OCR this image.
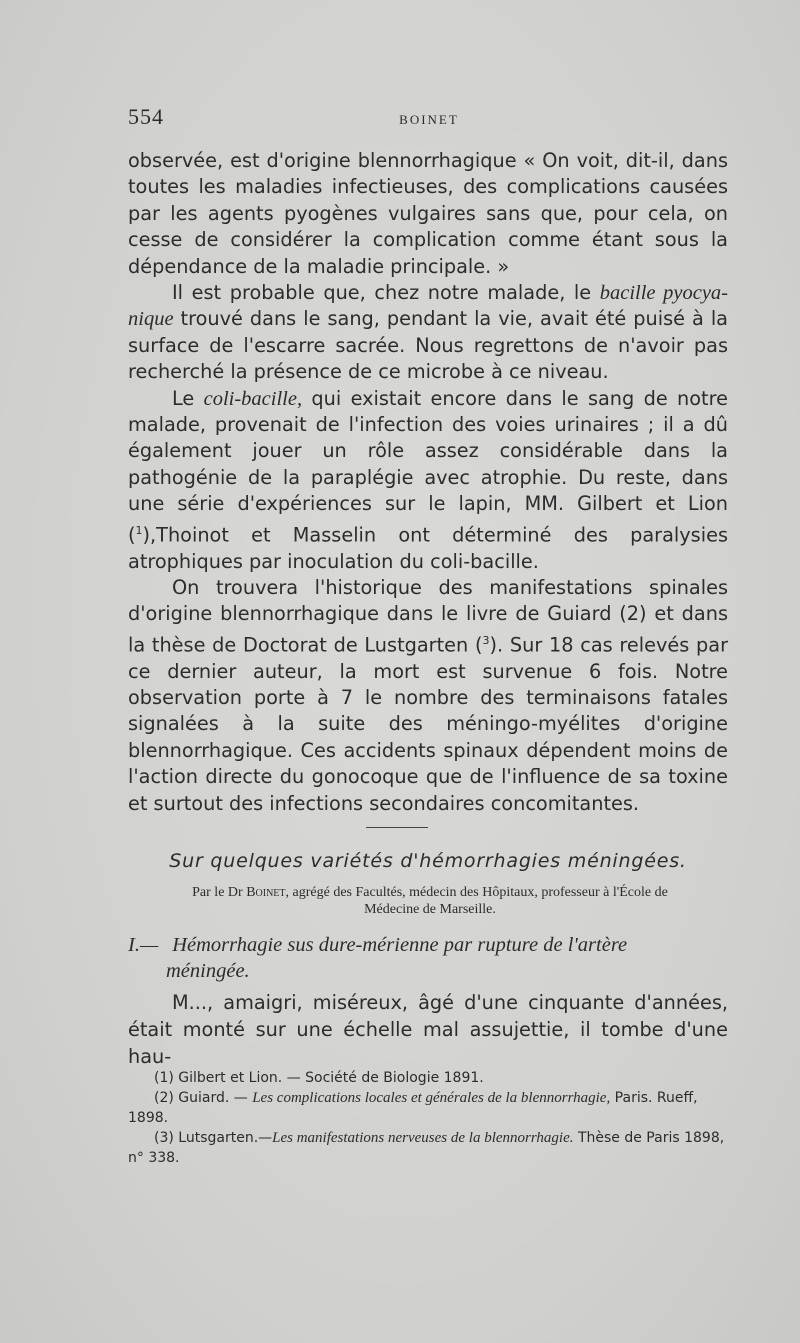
554	BOINET

observée, est d'origine blennorrhagique « On voit, dit-il, dans toutes les maladies infectieuses, des complications causées par les agents pyogènes vulgaires sans que, pour cela, on cesse de considérer la complication comme étant sous la dépendance de la maladie principale. »

Il est probable que, chez notre malade, le bacille pyocya-nique trouvé dans le sang, pendant la vie, avait été puisé à la surface de l'escarre sacrée. Nous regrettons de n'avoir pas recherché la présence de ce microbe à ce niveau.

Le coli-bacille, qui existait encore dans le sang de notre malade, provenait de l'infection des voies urinaires ; il a dû également jouer un rôle assez considérable dans la pathogénie de la paraplégie avec atrophie. Du reste, dans une série d'expériences sur le lapin, MM. Gilbert et Lion ($^1$),Thoinot et Masselin ont déterminé des paralysies atrophiques par inoculation du coli-bacille.

On trouvera l'historique des manifestations spinales d'origine blennorrhagique dans le livre de Guiard (2) et dans la thèse de Doctorat de Lustgarten ($^3$). Sur 18 cas relevés par ce dernier auteur, la mort est survenue 6 fois. Notre observation porte à 7 le nombre des terminaisons fatales signalées à la suite des méningo-myélites d'origine blennorrhagique. Ces accidents spinaux dépendent moins de l'action directe du gonocoque que de l'influence de sa toxine et surtout des infections secondaires concomitantes.

Sur quelques variétés d'hémorrhagies méningées.
Par le Dr Boinet, agrégé des Facultés, médecin des Hôpitaux, professeur à l'École de Médecine de Marseille.
I.— Hémorrhagie sus dure-mérienne par rupture de l'artère
méningée.

M..., amaigri, miséreux, âgé d'une cinquante d'années, était monté sur une échelle mal assujettie, il tombe d'une hau-

(1) Gilbert et Lion. — Société de Biologie 1891.

(2) Guiard. — Les complications locales et générales de la blennorrhagie, Paris. Rueff, 1898.

(3) Lutsgarten.—Les manifestations nerveuses de la blennorrhagie. Thèse de Paris 1898, n° 338.
